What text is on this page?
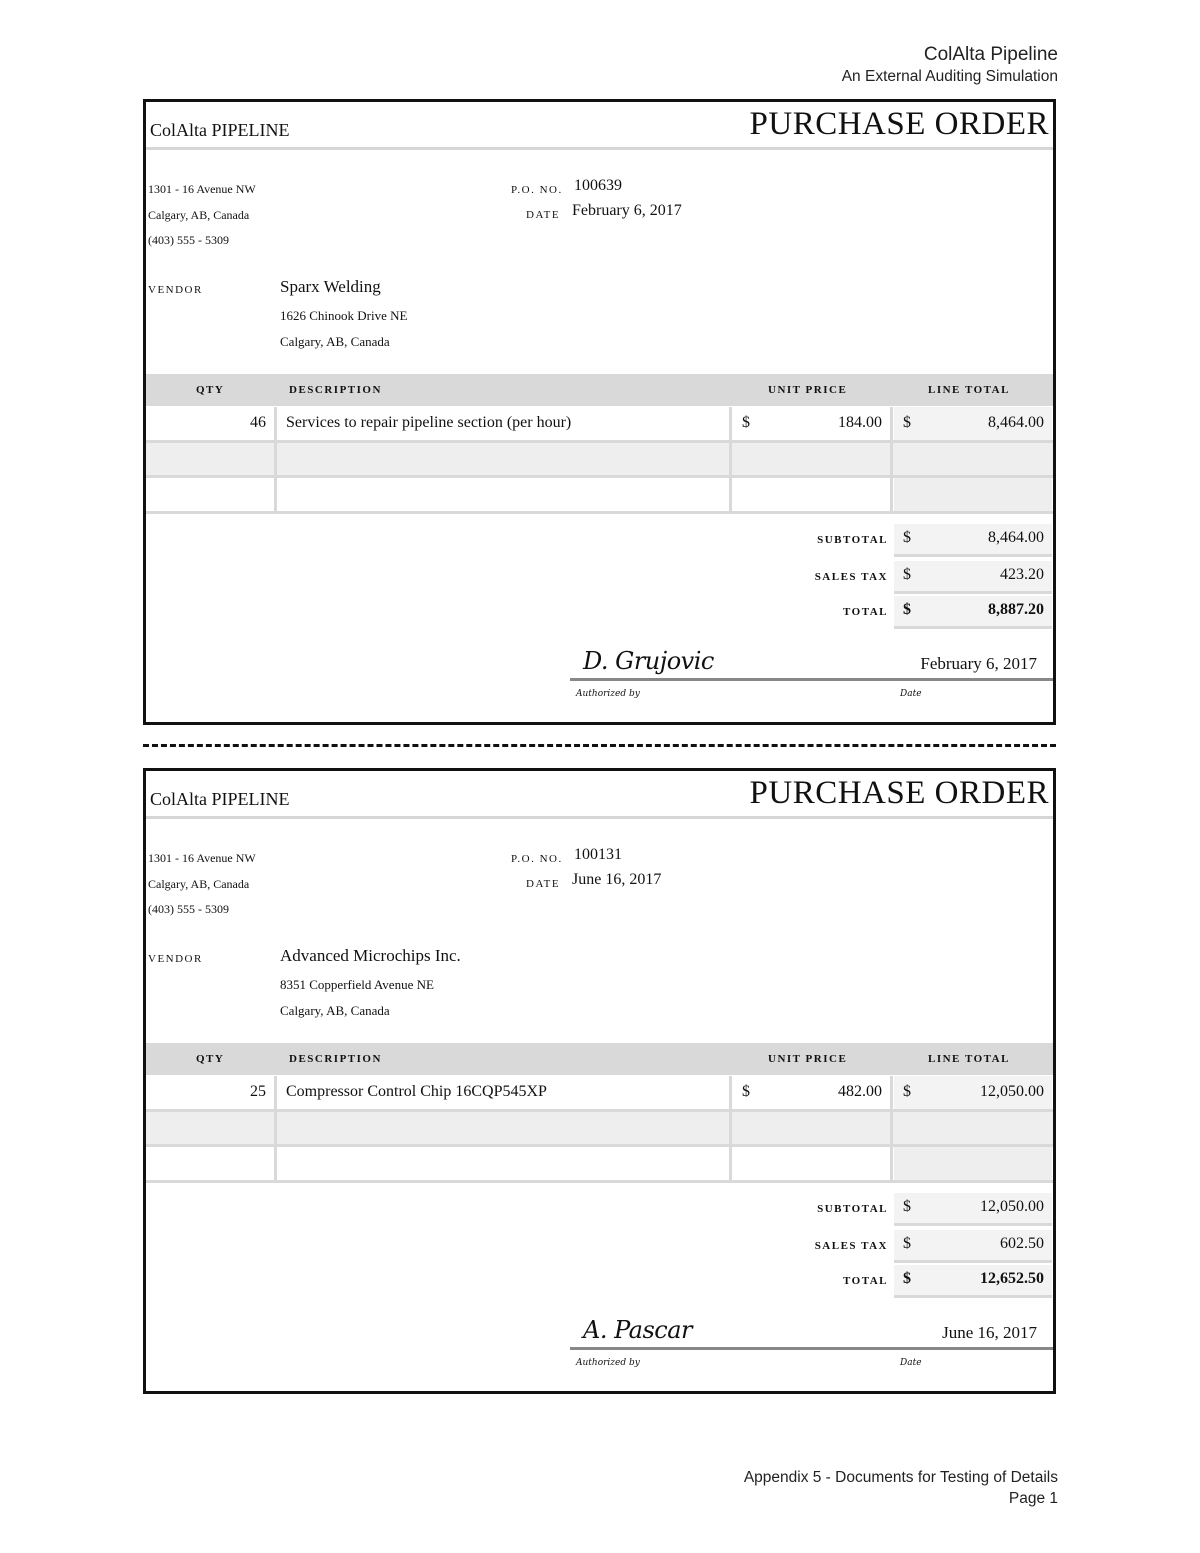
ColAlta Pipeline
An External Auditing Simulation
ColAlta PIPELINE	PURCHASE ORDER
1301 - 16 Avenue NW
Calgary, AB, Canada
(403) 555 - 5309
P.O. NO. 100639
DATE February 6, 2017
VENDOR	Sparx Welding
1626 Chinook Drive NE
Calgary, AB, Canada
QTY	DESCRIPTION	UNIT PRICE	LINE TOTAL
46 Services to repair pipeline section (per hour)	$	184.00 $	8,464.00
SUBTOTAL $	8,464.00
SALES TAX $	423.20
TOTAL $	8,887.20
D. Grujovic	February 6, 2017
Authorized by	Date
ColAlta PIPELINE	PURCHASE ORDER
1301 - 16 Avenue NW
Calgary, AB, Canada
(403) 555 - 5309
P.O. NO. 100131
DATE June 16, 2017
VENDOR	Advanced Microchips Inc.
8351 Copperfield Avenue NE
Calgary, AB, Canada
QTY	DESCRIPTION	UNIT PRICE	LINE TOTAL
25 Compressor Control Chip 16CQP545XP	$	482.00 $	12,050.00
SUBTOTAL $	12,050.00
SALES TAX $	602.50
TOTAL $	12,652.50
A. Pascar	June 16, 2017
Authorized by	Date
Appendix 5 - Documents for Testing of Details
Page 1
